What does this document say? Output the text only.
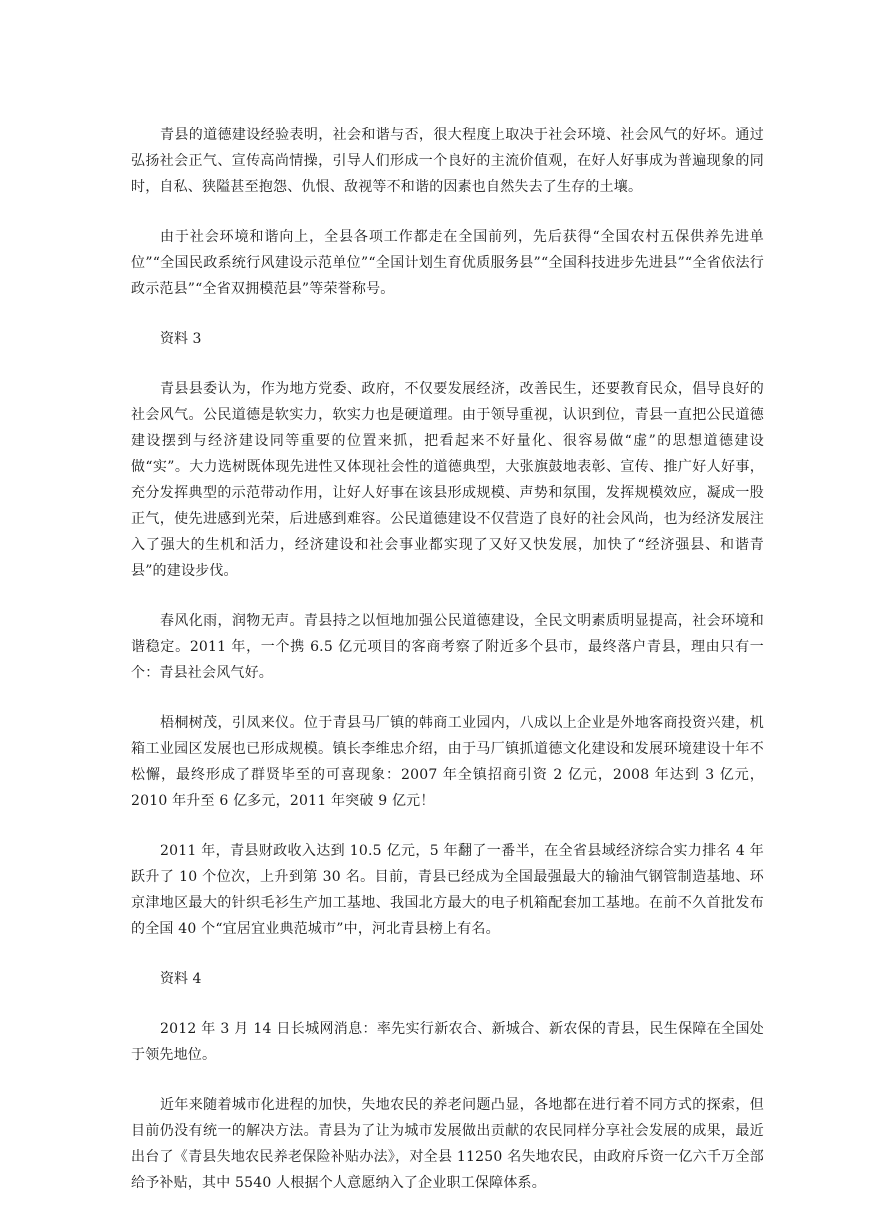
青县的道德建设经验表明，社会和谐与否，很大程度上取决于社会环境、社会风气的好坏。通过弘扬社会正气、宣传高尚情操，引导人们形成一个良好的主流价值观，在好人好事成为普遍现象的同时，自私、狭隘甚至抱怨、仇恨、敌视等不和谐的因素也自然失去了生存的土壤。

由于社会环境和谐向上，全县各项工作都走在全国前列，先后获得“全国农村五保供养先进单位”“全国民政系统行风建设示范单位”“全国计划生育优质服务县”“全国科技进步先进县”“全省依法行政示范县”“全省双拥模范县”等荣誉称号。

资料 3

青县县委认为，作为地方党委、政府，不仅要发展经济，改善民生，还要教育民众，倡导良好的社会风气。公民道德是软实力，软实力也是硬道理。由于领导重视，认识到位，青县一直把公民道德建设摆到与经济建设同等重要的位置来抓，把看起来不好量化、很容易做“虚”的思想道德建设做“实”。大力选树既体现先进性又体现社会性的道德典型，大张旗鼓地表彰、宣传、推广好人好事，充分发挥典型的示范带动作用，让好人好事在该县形成规模、声势和氛围，发挥规模效应，凝成一股正气，使先进感到光荣，后进感到难容。公民道德建设不仅营造了良好的社会风尚，也为经济发展注入了强大的生机和活力，经济建设和社会事业都实现了又好又快发展，加快了“经济强县、和谐青县”的建设步伐。

春风化雨，润物无声。青县持之以恒地加强公民道德建设，全民文明素质明显提高，社会环境和谐稳定。2011 年，一个携 6.5 亿元项目的客商考察了附近多个县市，最终落户青县，理由只有一个：青县社会风气好。

梧桐树茂，引凤来仪。位于青县马厂镇的韩商工业园内，八成以上企业是外地客商投资兴建，机箱工业园区发展也已形成规模。镇长李维忠介绍，由于马厂镇抓道德文化建设和发展环境建设十年不松懈，最终形成了群贤毕至的可喜现象：2007 年全镇招商引资 2 亿元，2008 年达到 3 亿元，2010 年升至 6 亿多元，2011 年突破 9 亿元！

2011 年，青县财政收入达到 10.5 亿元，5 年翻了一番半，在全省县域经济综合实力排名 4 年跃升了 10 个位次，上升到第 30 名。目前，青县已经成为全国最强最大的输油气钢管制造基地、环京津地区最大的针织毛衫生产加工基地、我国北方最大的电子机箱配套加工基地。在前不久首批发布的全国 40 个“宜居宜业典范城市”中，河北青县榜上有名。

资料 4

2012 年 3 月 14 日长城网消息：率先实行新农合、新城合、新农保的青县，民生保障在全国处于领先地位。

近年来随着城市化进程的加快，失地农民的养老问题凸显，各地都在进行着不同方式的探索，但目前仍没有统一的解决方法。青县为了让为城市发展做出贡献的农民同样分享社会发展的成果，最近出台了《青县失地农民养老保险补贴办法》，对全县 11250 名失地农民，由政府斥资一亿六千万全部给予补贴，其中 5540 人根据个人意愿纳入了企业职工保障体系。
